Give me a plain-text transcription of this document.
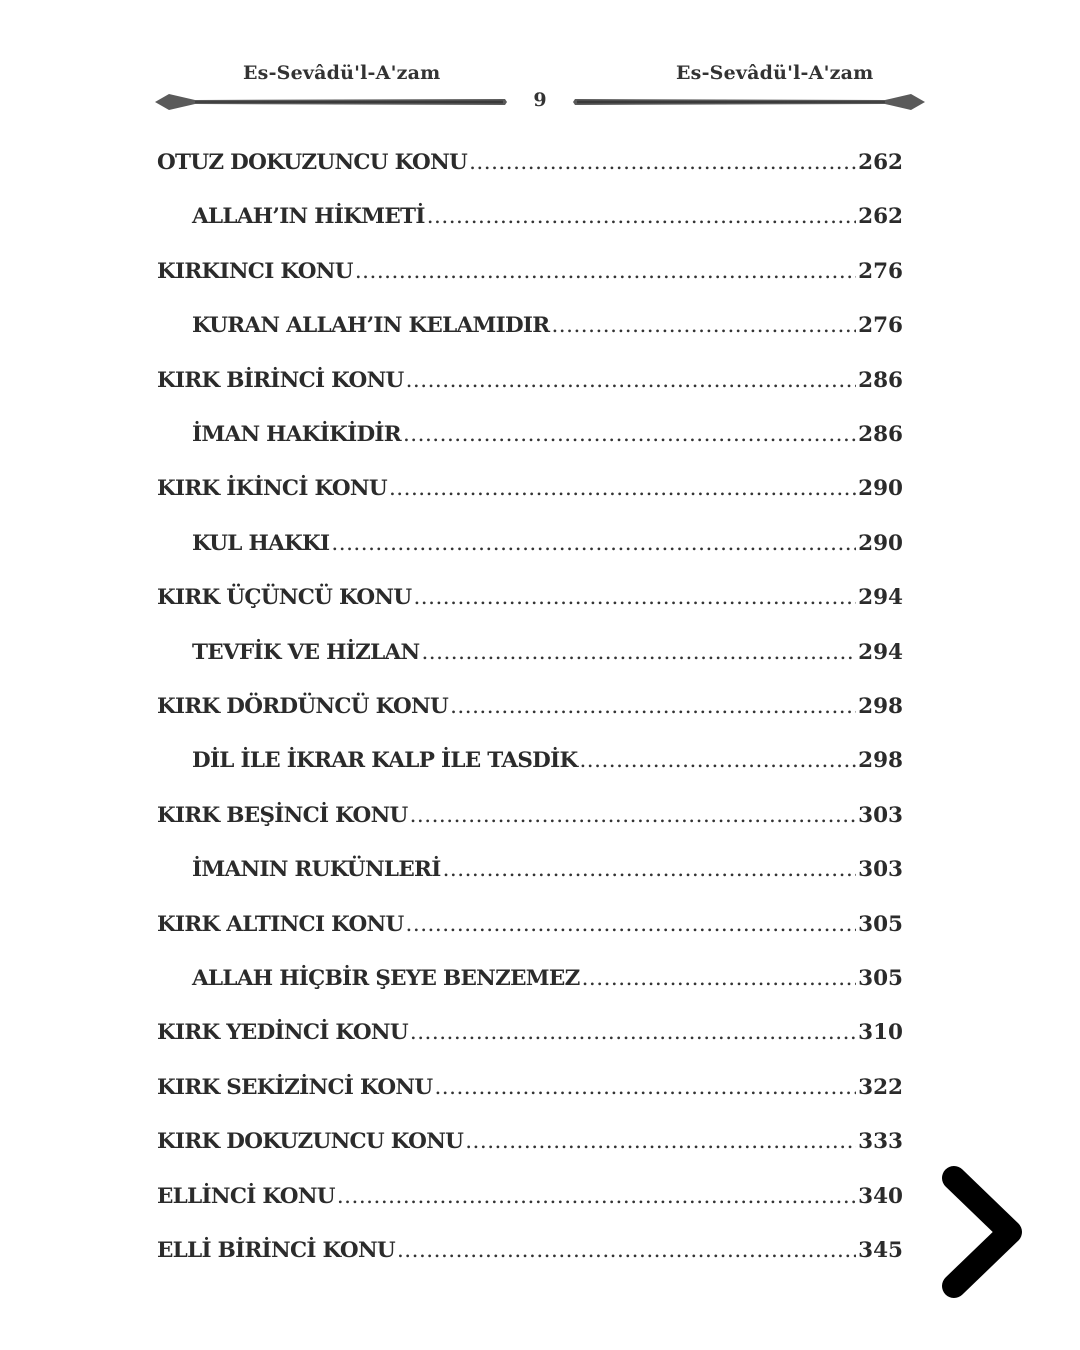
Es-Sevâdü'l-A'zam	Es-Sevâdü'l-A'zam
9
OTUZ DOKUZUNCU KONU .....	262
ALLAH’IN HİKMETİ .....	262
KIRKINCI KONU .....	276
KURAN ALLAH’IN KELAMIDIR .....	276
KIRK BİRİNCİ KONU .....	286
İMAN HAKİKİDİR .....	286
KIRK İKİNCİ KONU .....	290
KUL HAKKI .....	290
KIRK ÜÇÜNCÜ KONU .....	294
TEVFİK VE HİZLAN .....	294
KIRK DÖRDÜNCÜ KONU .....	298
DİL İLE İKRAR KALP İLE TASDİK .....	298
KIRK BEŞİNCİ KONU .....	303
İMANIN RUKÜNLERİ .....	303
KIRK ALTINCI KONU .....	305
ALLAH HİÇBİR ŞEYE BENZEMEZ .....	305
KIRK YEDİNCİ KONU .....	310
KIRK SEKİZİNCİ KONU .....	322
KIRK DOKUZUNCU KONU .....	333
ELLİNCİ KONU .....	340
ELLİ BİRİNCİ KONU .....	345
